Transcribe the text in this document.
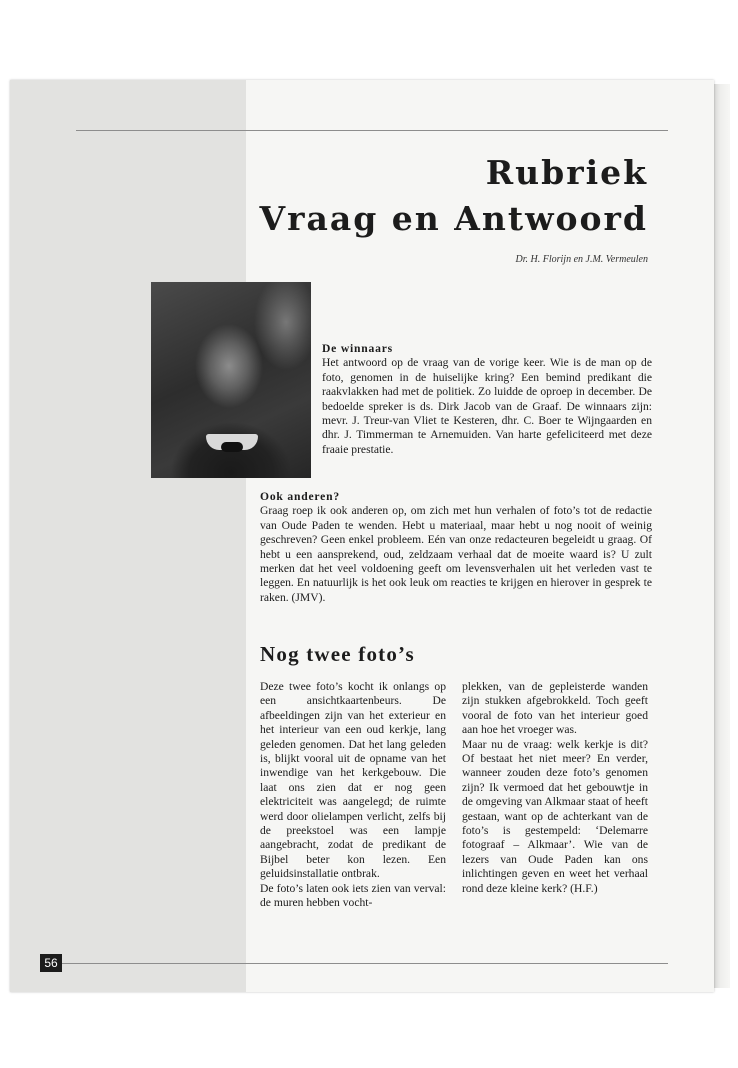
Rubriek
Vraag en Antwoord
Dr. H. Florijn en J.M. Vermeulen

De winnaars

Het antwoord op de vraag van de vorige keer. Wie is de man op de foto, genomen in de huiselijke kring? Een bemind predikant die raakvlakken had met de politiek. Zo luidde de oproep in december. De bedoelde spreker is ds. Dirk Jacob van de Graaf. De winnaars zijn: mevr. J. Treur-van Vliet te Kesteren, dhr. C. Boer te Wijngaarden en dhr. J. Timmerman te Arnemuiden. Van harte gefeliciteerd met deze fraaie prestatie.

Ook anderen?

Graag roep ik ook anderen op, om zich met hun verhalen of foto’s tot de redactie van Oude Paden te wenden. Hebt u materiaal, maar hebt u nog nooit of weinig geschreven? Geen enkel probleem. Eén van onze redacteuren begeleidt u graag. Of hebt u een aansprekend, oud, zeldzaam verhaal dat de moeite waard is? U zult merken dat het veel voldoening geeft om levensverhalen uit het verleden vast te leggen. En natuurlijk is het ook leuk om reacties te krijgen en hierover in gesprek te raken. (JMV).

Nog twee foto’s

Deze twee foto’s kocht ik onlangs op een ansichtkaartenbeurs. De afbeeldingen zijn van het exterieur en het interieur van een oud kerkje, lang geleden genomen. Dat het lang geleden is, blijkt vooral uit de opname van het inwendige van het kerkgebouw. Die laat ons zien dat er nog geen elektriciteit was aangelegd; de ruimte werd door olielampen verlicht, zelfs bij de preekstoel was een lampje aangebracht, zodat de predikant de Bijbel beter kon lezen. Een geluidsinstallatie ontbrak.

De foto’s laten ook iets zien van verval: de muren hebben vocht-

plekken, van de gepleisterde wanden zijn stukken afgebrokkeld. Toch geeft vooral de foto van het interieur goed aan hoe het vroeger was.

Maar nu de vraag: welk kerkje is dit? Of bestaat het niet meer? En verder, wanneer zouden deze foto’s genomen zijn? Ik vermoed dat het gebouwtje in de omgeving van Alkmaar staat of heeft gestaan, want op de achterkant van de foto’s is gestempeld: ‘Delemarre fotograaf – Alkmaar’. Wie van de lezers van Oude Paden kan ons inlichtingen geven en weet het verhaal rond deze kleine kerk? (H.F.)

56
